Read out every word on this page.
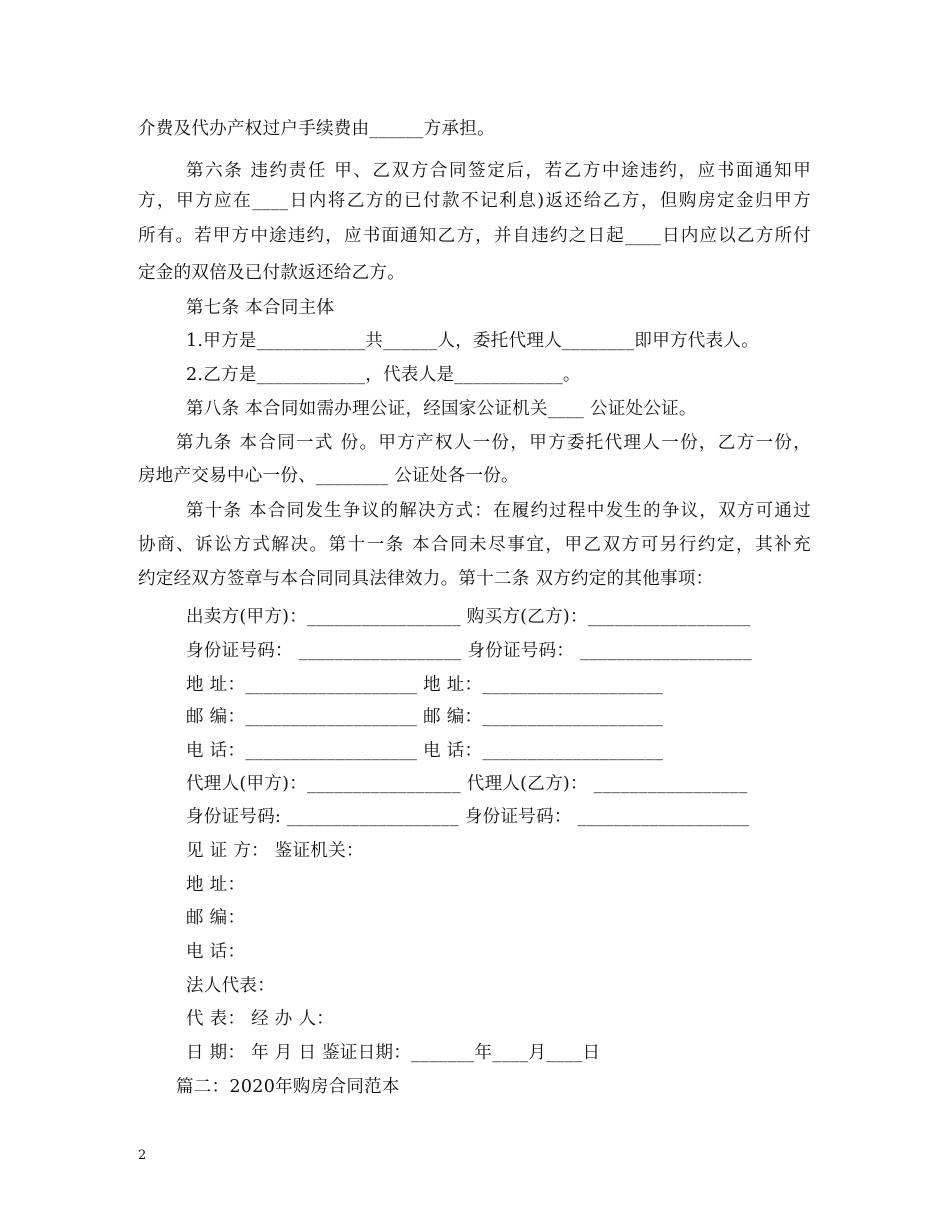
介费及代办产权过户手续费由______方承担。
第六条 违约责任 甲、乙双方合同签定后，若乙方中途违约，应书面通知甲
方，甲方应在____日内将乙方的已付款不记利息)返还给乙方，但购房定金归甲方
所有。若甲方中途违约，应书面通知乙方，并自违约之日起____日内应以乙方所付
定金的双倍及已付款返还给乙方。
第七条 本合同主体
1.甲方是____________共______人，委托代理人________即甲方代表人。
2.乙方是____________，代表人是____________。
第八条 本合同如需办理公证，经国家公证机关____ 公证处公证。
第九条 本合同一式 份。甲方产权人一份，甲方委托代理人一份，乙方一份，
房地产交易中心一份、________ 公证处各一份。
第十条 本合同发生争议的解决方式：在履约过程中发生的争议，双方可通过
协商、诉讼方式解决。第十一条 本合同未尽事宜，甲乙双方可另行约定，其补充
约定经双方签章与本合同同具法律效力。第十二条 双方约定的其他事项：
出卖方(甲方)：_________________ 购买方(乙方)：__________________
身份证号码： __________________ 身份证号码： ___________________
地 址：___________________ 地 址：____________________
邮 编：___________________ 邮 编：____________________
电 话：___________________ 电 话：____________________
代理人(甲方)：_________________ 代理人(乙方)： _________________
身份证号码: ___________________ 身份证号码： ___________________
见 证 方： 鉴证机关：
地 址：
邮 编：
电 话：
法人代表：
代 表： 经 办 人：
日 期： 年 月 日 鉴证日期：_______年____月____日
篇二：2020年购房合同范本
2
